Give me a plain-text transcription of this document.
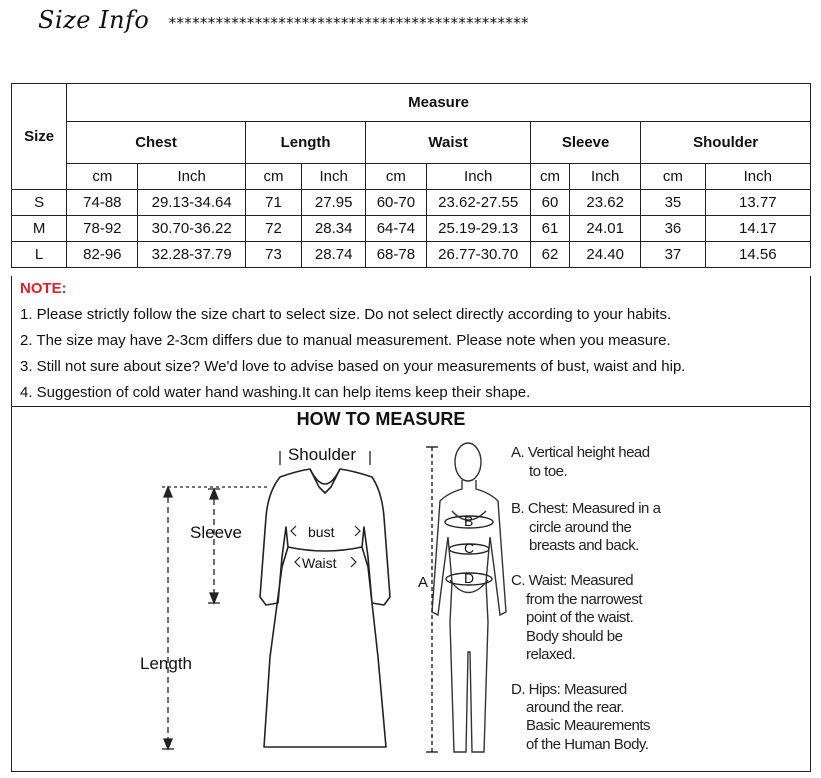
Size Info **********************************************
Size	Measure									
	Chest		Length		Waist		Sleeve		Shoulder	
	cm	Inch	cm	Inch	cm	Inch	cm	Inch	cm	Inch
S	74-88	29.13-34.64	71	27.95	60-70	23.62-27.55	60	23.62	35	13.77
M	78-92	30.70-36.22	72	28.34	64-74	25.19-29.13	61	24.01	36	14.17
L	82-96	32.28-37.79	73	28.74	68-78	26.77-30.70	62	24.40	37	14.56
NOTE:
1. Please strictly follow the size chart to select size. Do not select directly according to your habits.
2. The size may have 2-3cm differs due to manual measurement. Please note when you measure.
3. Still not sure about size? We'd love to advise based on your measurements of bust, waist and hip.
4. Suggestion of cold water hand washing.It can help items keep their shape.
HOW TO MEASURE
Shoulder
Sleeve
Length
bust
Waist
A
B
C
D
A. Vertical height head
to toe.
B. Chest: Measured in a
circle around the
breasts and back.
C. Waist: Measured
from the narrowest
point of the waist.
Body should be
relaxed.
D. Hips: Measured
around the rear.
Basic Meaurements
of the Human Body.
